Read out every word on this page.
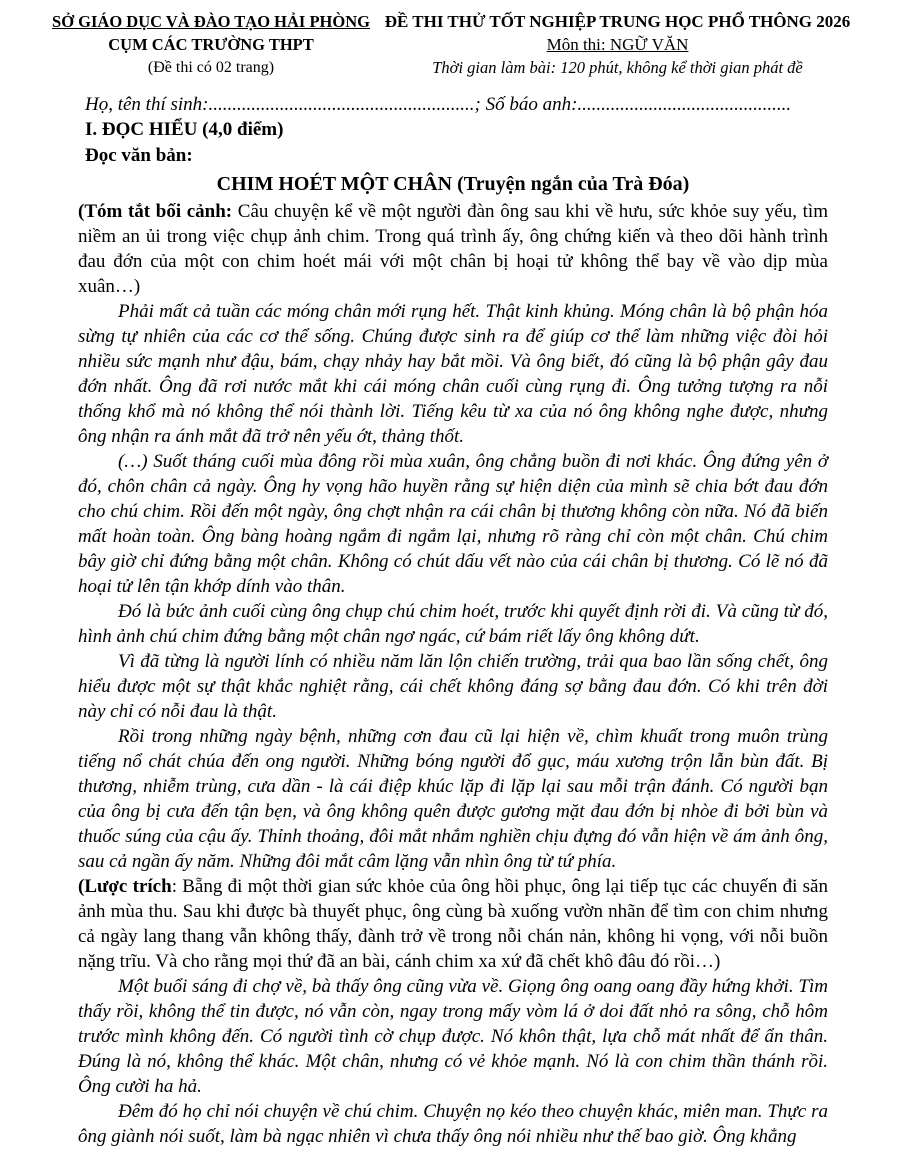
SỞ GIÁO DỤC VÀ ĐÀO TẠO HẢI PHÒNG
CỤM CÁC TRƯỜNG THPT
(Đề thi có 02 trang)
ĐỀ THI THỬ TỐT NGHIỆP TRUNG HỌC PHỔ THÔNG 2026
Môn thi: NGỮ VĂN
Thời gian làm bài: 120 phút, không kể thời gian phát đề
Họ, tên thí sinh:........................................................; Số báo anh:.............................................
I. ĐỌC HIỂU (4,0 điểm)
Đọc văn bản:
CHIM HOÉT MỘT CHÂN (Truyện ngắn của Trà Đóa)

(Tóm tắt bối cảnh: Câu chuyện kể về một người đàn ông sau khi về hưu, sức khỏe suy yếu, tìm niềm an ủi trong việc chụp ảnh chim. Trong quá trình ấy, ông chứng kiến và theo dõi hành trình đau đớn của một con chim hoét mái với một chân bị hoại tử không thể bay về vào dịp mùa xuân…)

Phải mất cả tuần các móng chân mới rụng hết. Thật kinh khủng. Móng chân là bộ phận hóa sừng tự nhiên của các cơ thể sống. Chúng được sinh ra để giúp cơ thể làm những việc đòi hỏi nhiều sức mạnh như đậu, bám, chạy nhảy hay bắt mồi. Và ông biết, đó cũng là bộ phận gây đau đớn nhất. Ông đã rơi nước mắt khi cái móng chân cuối cùng rụng đi. Ông tưởng tượng ra nỗi thống khổ mà nó không thể nói thành lời. Tiếng kêu từ xa của nó ông không nghe được, nhưng ông nhận ra ánh mắt đã trở nên yếu ớt, thảng thốt.

(…) Suốt tháng cuối mùa đông rồi mùa xuân, ông chẳng buồn đi nơi khác. Ông đứng yên ở đó, chôn chân cả ngày. Ông hy vọng hão huyền rằng sự hiện diện của mình sẽ chia bớt đau đớn cho chú chim. Rồi đến một ngày, ông chợt nhận ra cái chân bị thương không còn nữa. Nó đã biến mất hoàn toàn. Ông bàng hoàng ngắm đi ngắm lại, nhưng rõ ràng chỉ còn một chân. Chú chim bây giờ chỉ đứng bằng một chân. Không có chút dấu vết nào của cái chân bị thương. Có lẽ nó đã hoại tử lên tận khớp dính vào thân.

Đó là bức ảnh cuối cùng ông chụp chú chim hoét, trước khi quyết định rời đi. Và cũng từ đó, hình ảnh chú chim đứng bằng một chân ngơ ngác, cứ bám riết lấy ông không dứt.

Vì đã từng là người lính có nhiều năm lăn lộn chiến trường, trải qua bao lần sống chết, ông hiểu được một sự thật khắc nghiệt rằng, cái chết không đáng sợ bằng đau đớn. Có khi trên đời này chỉ có nỗi đau là thật.

Rồi trong những ngày bệnh, những cơn đau cũ lại hiện về, chìm khuất trong muôn trùng tiếng nổ chát chúa đến ong người. Những bóng người đổ gục, máu xương trộn lẫn bùn đất. Bị thương, nhiễm trùng, cưa dần - là cái điệp khúc lặp đi lặp lại sau mỗi trận đánh. Có người bạn của ông bị cưa đến tận bẹn, và ông không quên được gương mặt đau đớn bị nhòe đi bởi bùn và thuốc súng của cậu ấy. Thỉnh thoảng, đôi mắt nhắm nghiền chịu đựng đó vẫn hiện về ám ảnh ông, sau cả ngần ấy năm. Những đôi mắt câm lặng vẫn nhìn ông từ tứ phía.

(Lược trích: Bẵng đi một thời gian sức khỏe của ông hồi phục, ông lại tiếp tục các chuyến đi săn ảnh mùa thu. Sau khi được bà thuyết phục, ông cùng bà xuống vườn nhãn để tìm con chim nhưng cả ngày lang thang vẫn không thấy, đành trở về trong nỗi chán nản, không hi vọng, với nỗi buồn nặng trĩu. Và cho rằng mọi thứ đã an bài, cánh chim xa xứ đã chết khô đâu đó rồi…)

Một buổi sáng đi chợ về, bà thấy ông cũng vừa về. Giọng ông oang oang đầy hứng khởi. Tìm thấy rồi, không thể tin được, nó vẫn còn, ngay trong mấy vòm lá ở doi đất nhỏ ra sông, chỗ hôm trước mình không đến. Có người tình cờ chụp được. Nó khôn thật, lựa chỗ mát nhất để ẩn thân. Đúng là nó, không thể khác. Một chân, nhưng có vẻ khỏe mạnh. Nó là con chim thần thánh rồi. Ông cười ha hả.

Đêm đó họ chỉ nói chuyện về chú chim. Chuyện nọ kéo theo chuyện khác, miên man. Thực ra ông giành nói suốt, làm bà ngạc nhiên vì chưa thấy ông nói nhiều như thế bao giờ. Ông khẳng
